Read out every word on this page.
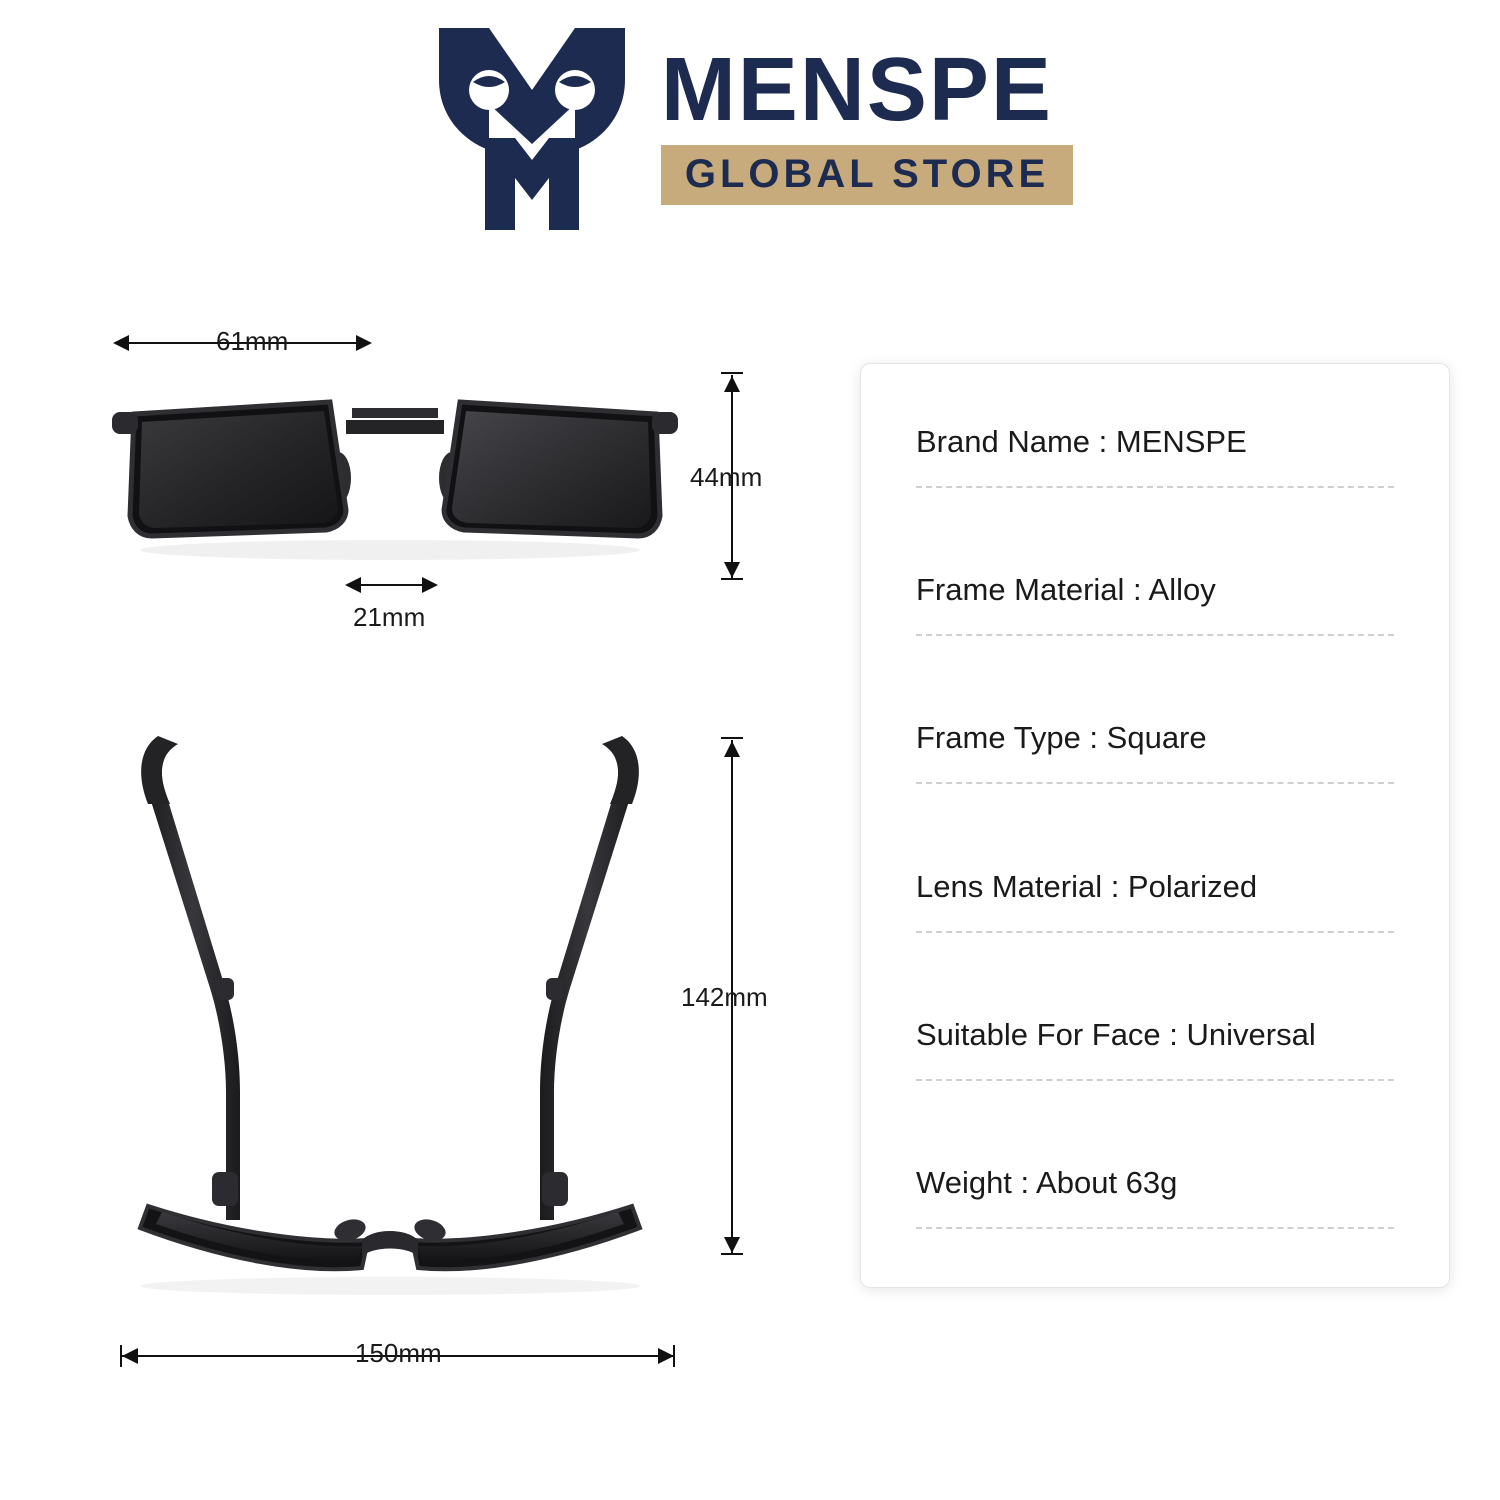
MENSPE
GLOBAL STORE
61mm
44mm
21mm
142mm
150mm
Brand Name : MENSPE
Frame Material : Alloy
Frame Type : Square
Lens Material : Polarized
Suitable For Face : Universal
Weight : About 63g
